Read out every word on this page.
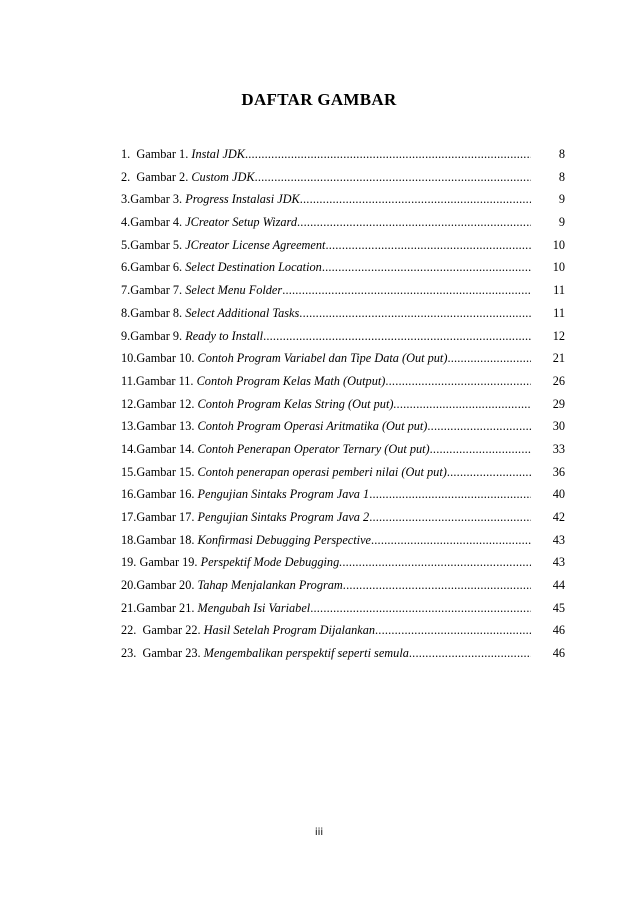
DAFTAR GAMBAR
1.  Gambar 1. Instal JDK .....	8
2.  Gambar 2. Custom JDK .....	8
3.Gambar 3. Progress Instalasi JDK .....	9
4.Gambar 4. JCreator Setup Wizard .....	9
5.Gambar 5. JCreator License Agreement .....	10
6.Gambar 6. Select Destination Location .....	10
7.Gambar 7. Select Menu Folder .....	11
8.Gambar 8. Select Additional Tasks .....	11
9.Gambar 9. Ready to Install .....	12
10.Gambar 10. Contoh Program Variabel dan Tipe Data (Out put) .....	21
11.Gambar 11. Contoh Program Kelas Math (Output) .....	26
12.Gambar 12. Contoh Program Kelas String (Out put). .....	29
13.Gambar 13. Contoh Program Operasi Aritmatika (Out put) .....	30
14.Gambar 14. Contoh Penerapan Operator Ternary (Out put) .....	33
15.Gambar 15. Contoh penerapan operasi pemberi nilai (Out put) .....	36
16.Gambar 16. Pengujian Sintaks Program Java 1 .....	40
17.Gambar 17. Pengujian Sintaks Program Java 2 .....	42
18.Gambar 18. Konfirmasi Debugging Perspective .....	43
19. Gambar 19. Perspektif Mode Debugging. .....	43
20.Gambar 20. Tahap Menjalankan Program .....	44
21.Gambar 21. Mengubah Isi Variabel .....	45
22.  Gambar 22. Hasil Setelah Program Dijalankan .....	46
23.  Gambar 23. Mengembalikan perspektif seperti semula .....	46
iii
